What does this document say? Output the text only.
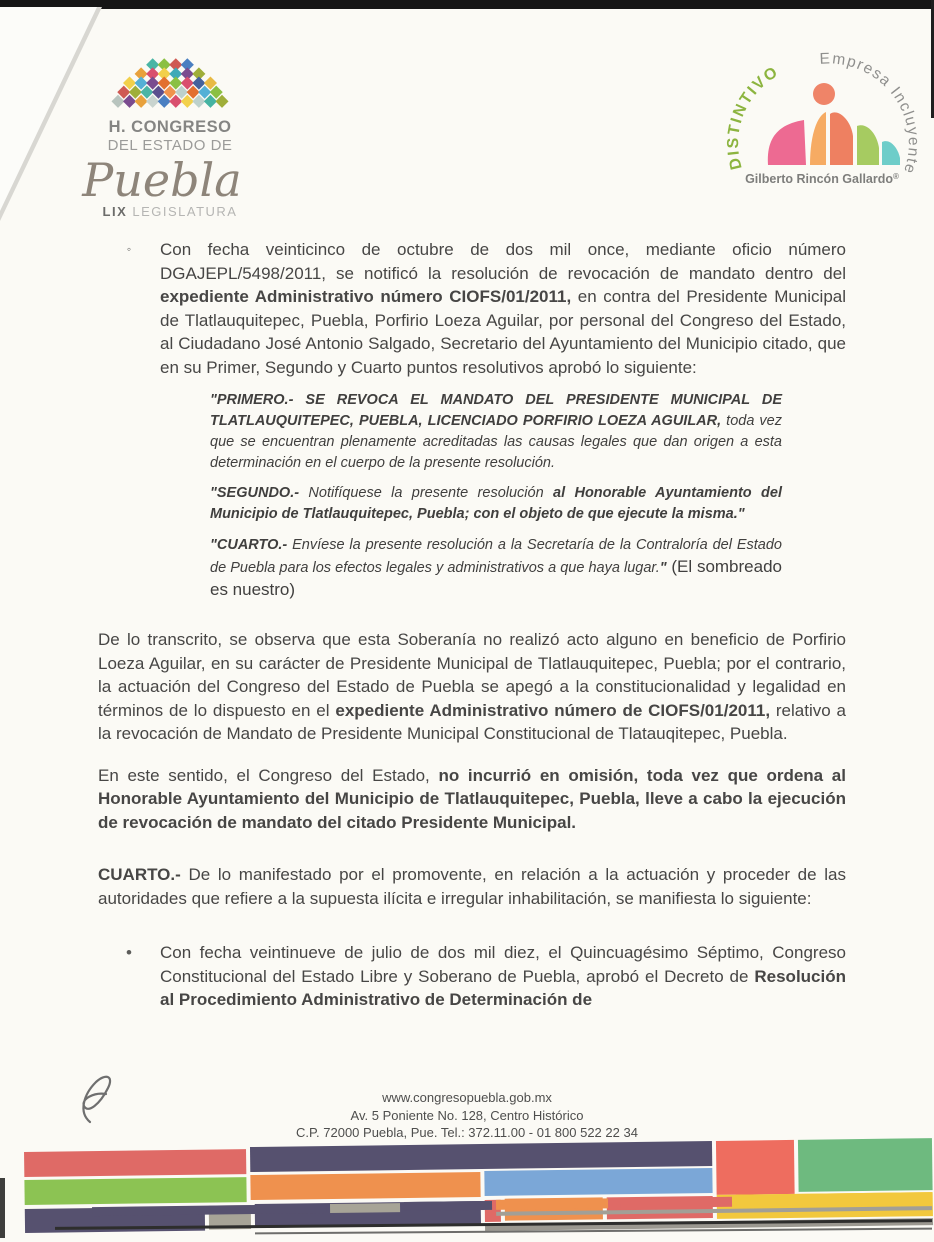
H. CONGRESO
DEL ESTADO DE
Puebla
LIX LEGISLATURA
DISTINTIVO
Empresa Incluyente
Gilberto Rincón Gallardo®
◦	Con fecha veinticinco de octubre de dos mil once, mediante oficio número DGAJEPL/5498/2011, se notificó la resolución de revocación de mandato dentro del expediente Administrativo número CIOFS/01/2011, en contra del Presidente Municipal de Tlatlauquitepec, Puebla, Porfirio Loeza Aguilar, por personal del Congreso del Estado, al Ciudadano José Antonio Salgado, Secretario del Ayuntamiento del Municipio citado, que en su Primer, Segundo y Cuarto puntos resolutivos aprobó lo siguiente:
"PRIMERO.- SE REVOCA EL MANDATO DEL PRESIDENTE MUNICIPAL DE TLATLAUQUITEPEC, PUEBLA, LICENCIADO PORFIRIO LOEZA AGUILAR, toda vez que se encuentran plenamente acreditadas las causas legales que dan origen a esta determinación en el cuerpo de la presente resolución.
"SEGUNDO.- Notifíquese la presente resolución al Honorable Ayuntamiento del Municipio de Tlatlauquitepec, Puebla; con el objeto de que ejecute la misma."
"CUARTO.- Envíese la presente resolución a la Secretaría de la Contraloría del Estado de Puebla para los efectos legales y administrativos a que haya lugar." (El sombreado es nuestro)
De lo transcrito, se observa que esta Soberanía no realizó acto alguno en beneficio de Porfirio Loeza Aguilar, en su carácter de Presidente Municipal de Tlatlauquitepec, Puebla; por el contrario, la actuación del Congreso del Estado de Puebla se apegó a la constitucionalidad y legalidad en términos de lo dispuesto en el expediente Administrativo número de CIOFS/01/2011, relativo a la revocación de Mandato de Presidente Municipal Constitucional de Tlatauqitepec, Puebla.
En este sentido, el Congreso del Estado, no incurrió en omisión, toda vez que ordena al Honorable Ayuntamiento del Municipio de Tlatlauquitepec, Puebla, lleve a cabo la ejecución de revocación de mandato del citado Presidente Municipal.
CUARTO.- De lo manifestado por el promovente, en relación a la actuación y proceder de las autoridades que refiere a la supuesta ilícita e irregular inhabilitación, se manifiesta lo siguiente:
•	Con fecha veintinueve de julio de dos mil diez, el Quincuagésimo Séptimo, Congreso Constitucional del Estado Libre y Soberano de Puebla, aprobó el Decreto de Resolución al Procedimiento Administrativo de Determinación de
www.congresopuebla.gob.mx
Av. 5 Poniente No. 128, Centro Histórico
C.P. 72000 Puebla, Pue. Tel.: 372.11.00 - 01 800 522 22 34
